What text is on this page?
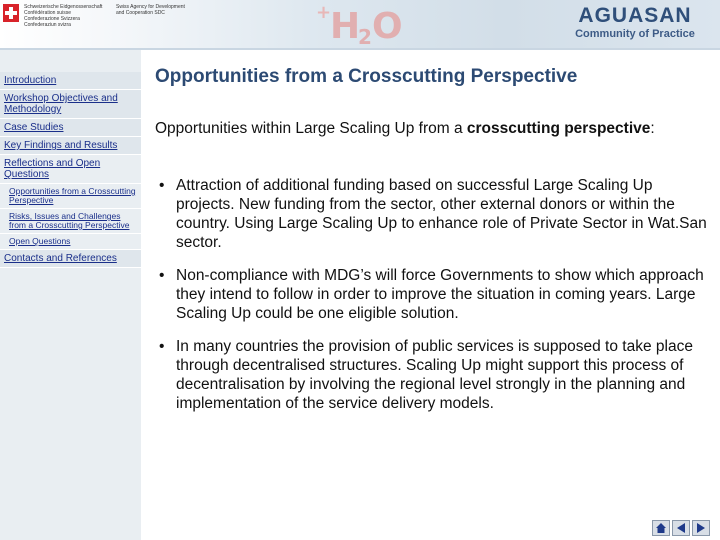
Schweizerische Eidgenossenschaft
Confédération suisse
Confederazione Svizzera
Confederaziun svizra
Swiss Agency for Development
and Cooperation SDC	+
H
2 O	AGUASAN
Community of Practice
Introduction
Workshop Objectives and Methodology
Case Studies
Key Findings and Results
Reflections and Open Questions
Opportunities from a Crosscutting Perspective
Risks, Issues and Challenges from a Crosscutting Perspective
Open Questions
Contacts and References
Opportunities from a Crosscutting Perspective

Opportunities within Large Scaling Up from a crosscutting perspective:

• Attraction of additional funding based on successful Large Scaling Up projects. New funding from the sector, other external donors or within the country. Using Large Scaling Up to enhance role of Private Sector in Wat.San sector.
• Non-compliance with MDG’s will force Governments to show which approach they intend to follow in order to improve the situation in coming years. Large Scaling Up could be one eligible solution.
• In many countries the provision of public services is supposed to take place through decentralised structures. Scaling Up might support this process of decentralisation by involving the regional level strongly in the planning and implementation of the service delivery models.
